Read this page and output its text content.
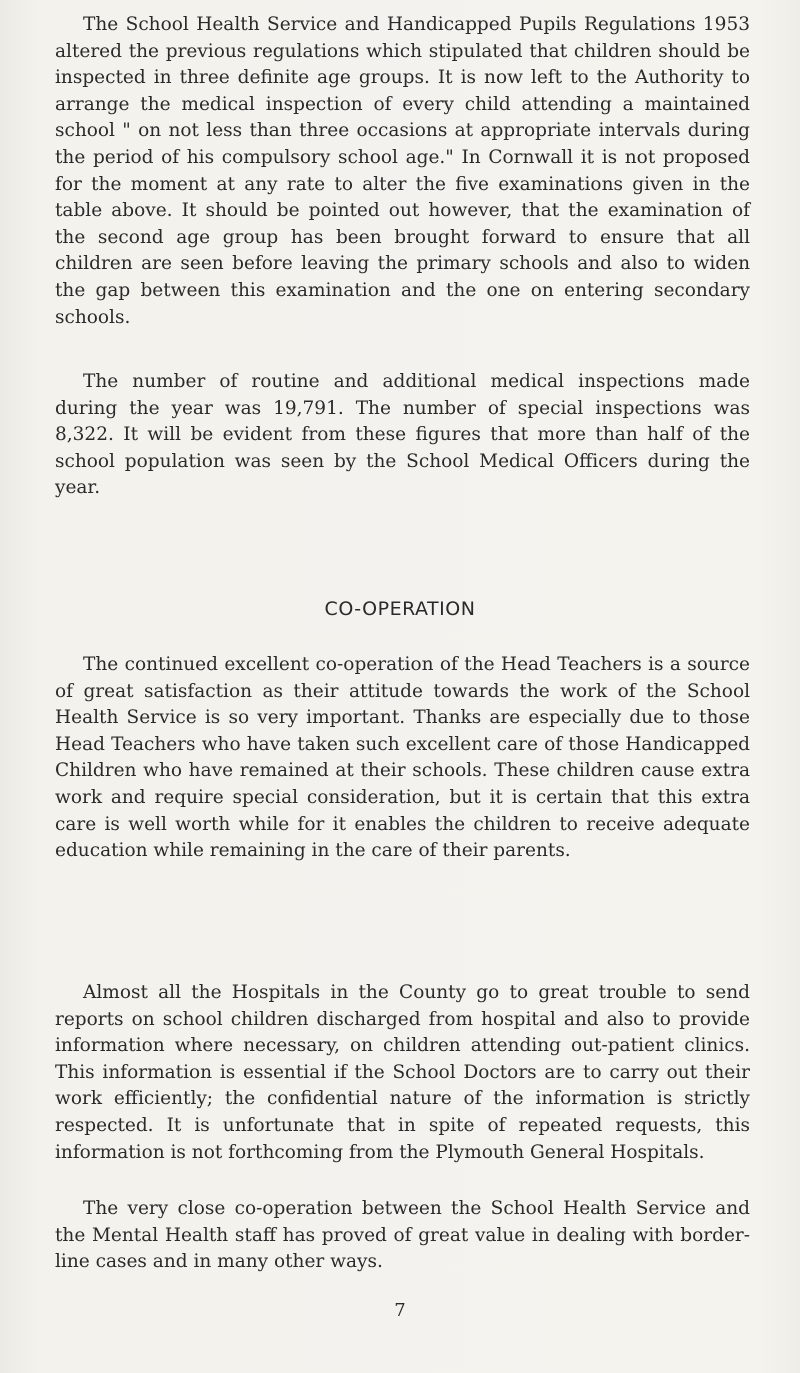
The School Health Service and Handicapped Pupils Regulations 1953 altered the previous regulations which stipulated that children should be inspected in three definite age groups. It is now left to the Authority to arrange the medical inspection of every child attending a maintained school " on not less than three occasions at appropriate intervals during the period of his compulsory school age." In Cornwall it is not proposed for the moment at any rate to alter the five examinations given in the table above. It should be pointed out however, that the examination of the second age group has been brought forward to ensure that all children are seen before leaving the primary schools and also to widen the gap between this examination and the one on entering secondary schools.

The number of routine and additional medical inspections made during the year was 19,791. The number of special inspections was 8,322. It will be evident from these figures that more than half of the school population was seen by the School Medical Officers during the year.

CO-OPERATION

The continued excellent co-operation of the Head Teachers is a source of great satisfaction as their attitude towards the work of the School Health Service is so very important. Thanks are especially due to those Head Teachers who have taken such excellent care of those Handicapped Children who have remained at their schools. These children cause extra work and require special consideration, but it is certain that this extra care is well worth while for it enables the children to receive adequate education while remaining in the care of their parents.

Almost all the Hospitals in the County go to great trouble to send reports on school children discharged from hospital and also to provide information where necessary, on children attending out-patient clinics. This information is essential if the School Doctors are to carry out their work efficiently; the confidential nature of the information is strictly respected. It is unfortunate that in spite of repeated requests, this information is not forthcoming from the Plymouth General Hospitals.

The very close co-operation between the School Health Service and the Mental Health staff has proved of great value in dealing with border-line cases and in many other ways.

7
